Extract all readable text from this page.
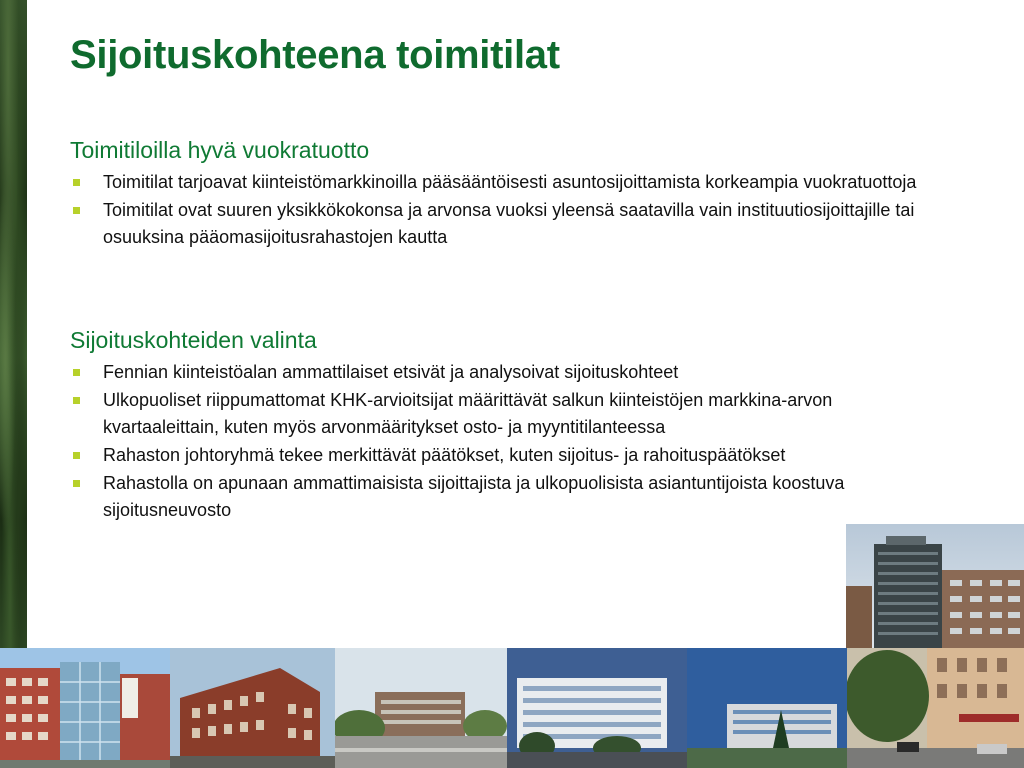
Sijoituskohteena toimitilat
Toimitiloilla hyvä vuokratuotto
Toimitilat tarjoavat kiinteistömarkkinoilla pääsääntöisesti asuntosijoittamista korkeampia vuokratuottoja
Toimitilat ovat suuren yksikkökokonsa ja arvonsa vuoksi yleensä saatavilla vain instituutiosijoittajille tai osuuksina pääomasijoitusrahastojen kautta
Sijoituskohteiden valinta
Fennian kiinteistöalan ammattilaiset etsivät ja analysoivat sijoituskohteet
Ulkopuoliset riippumattomat KHK-arvioitsijat määrittävät salkun kiinteistöjen markkina-arvon kvartaaleittain, kuten myös arvonmääritykset osto- ja myyntitilanteessa
Rahaston johtoryhmä tekee merkittävät päätökset, kuten sijoitus- ja rahoituspäätökset
Rahastolla on apunaan ammattimaisista sijoittajista ja ulkopuolisista asiantuntijoista koostuva sijoitusneuvosto
